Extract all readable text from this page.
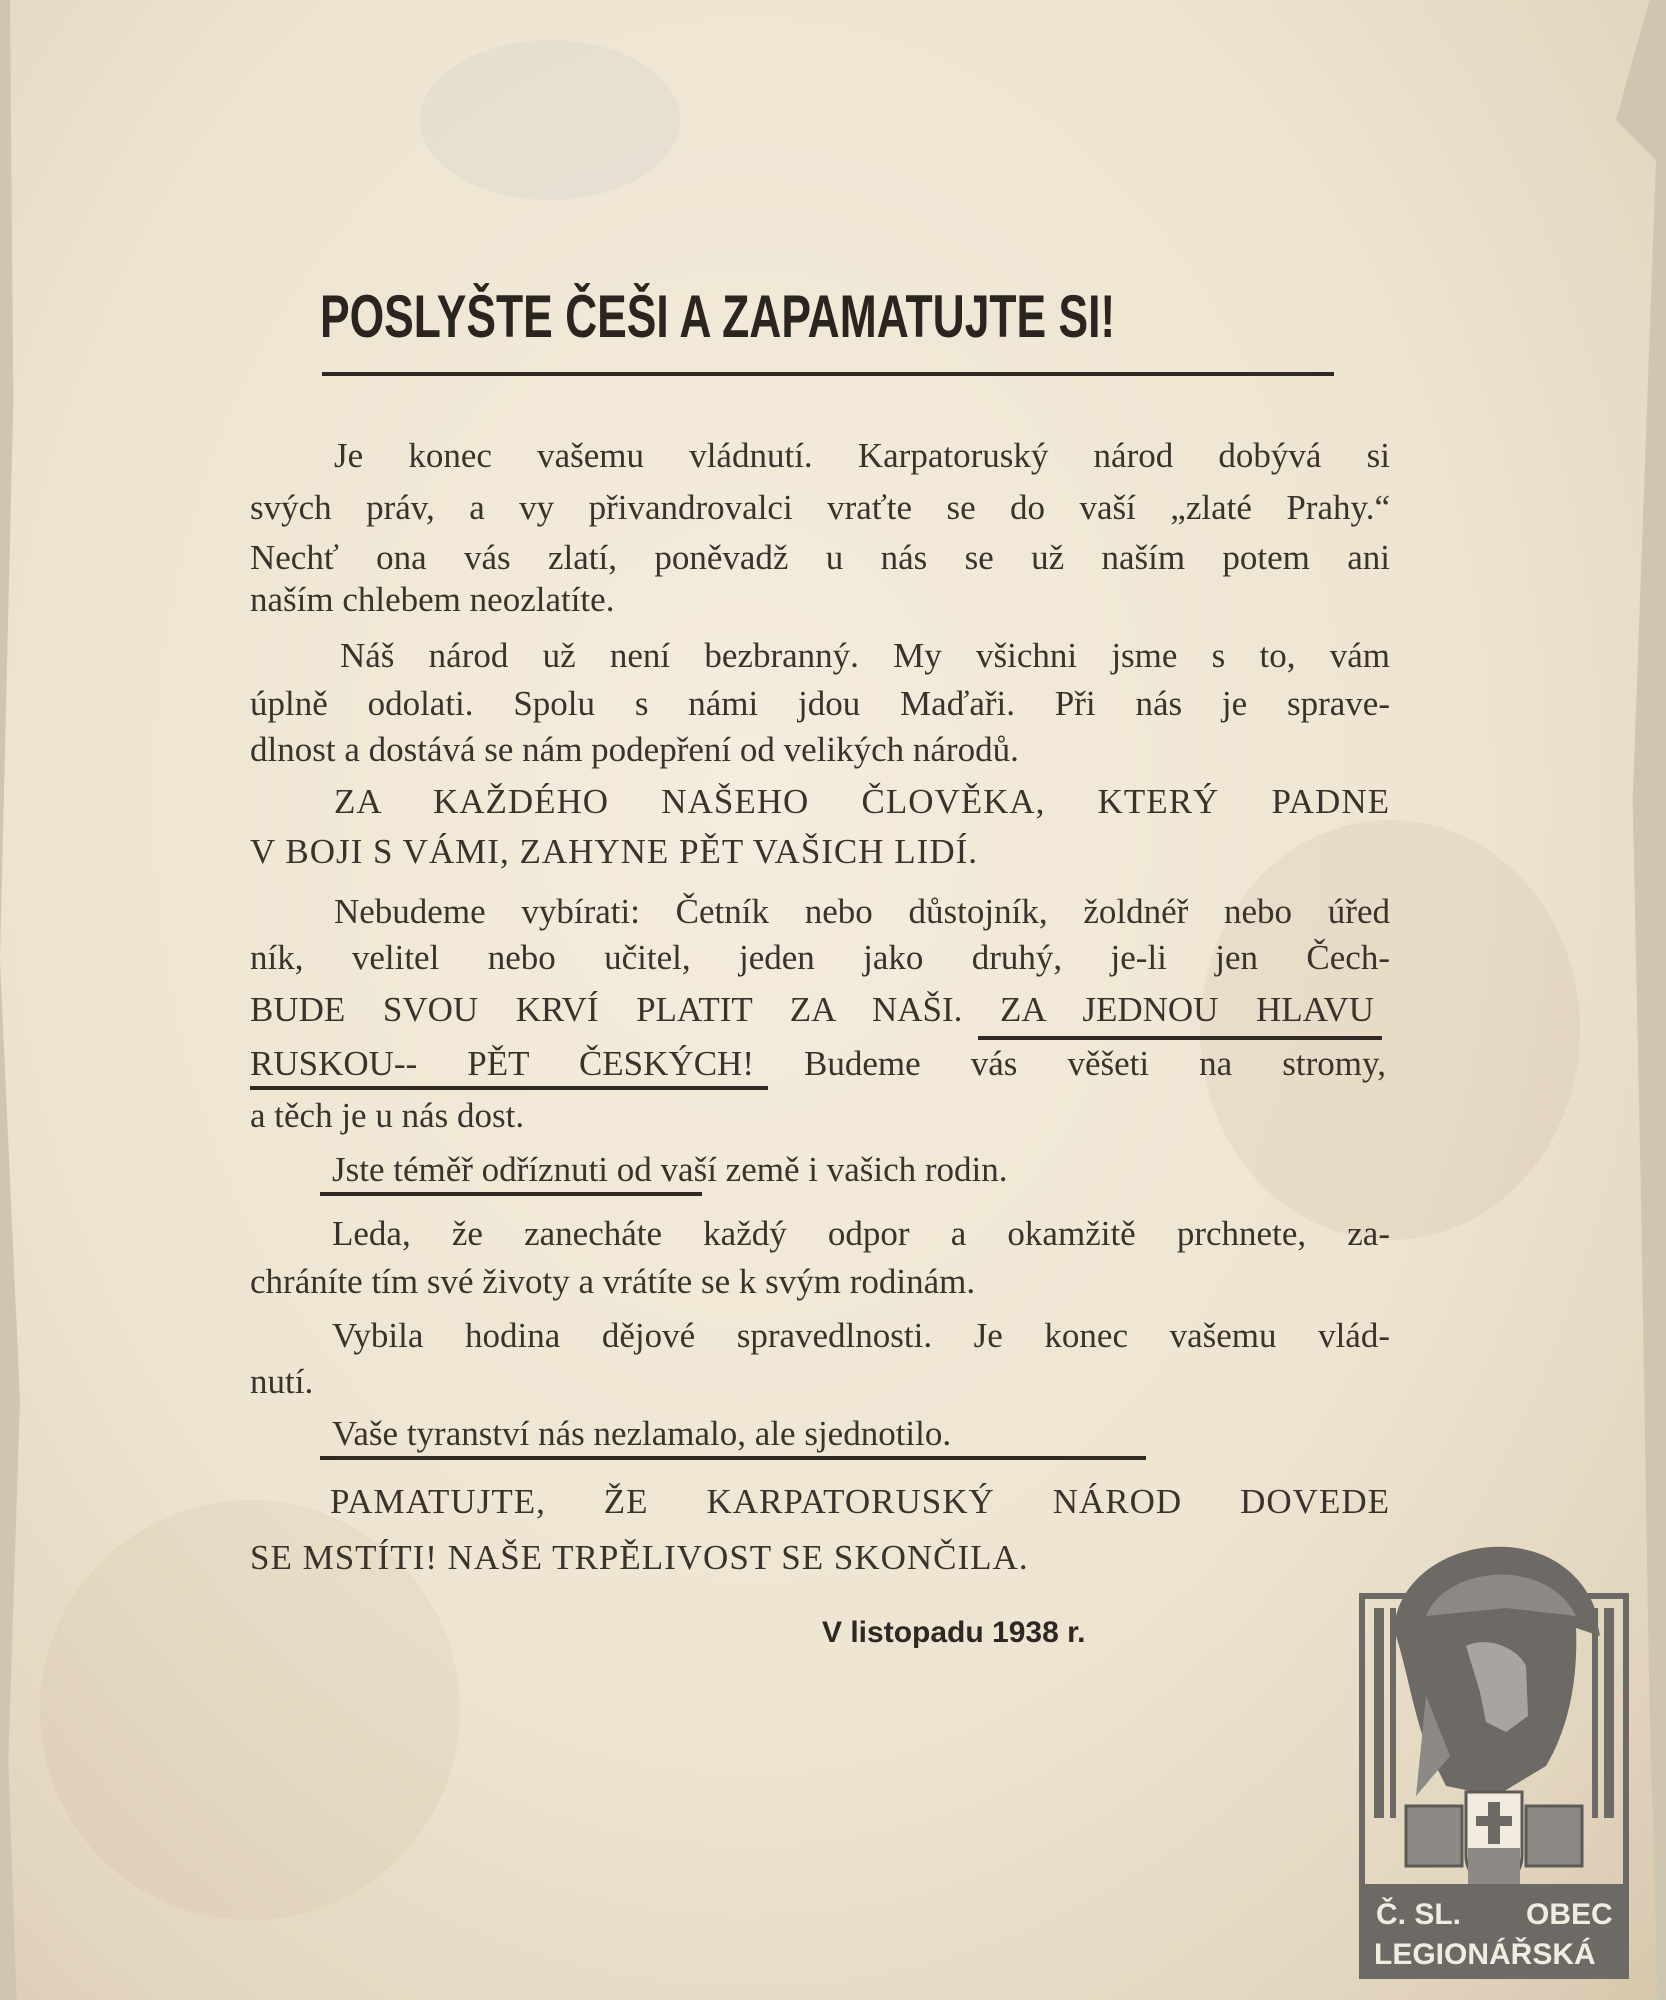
POSLYŠTE ČEŠI A ZAPAMATUJTE SI!
Je konec vašemu vládnutí. Karpatoruský národ dobývá si
svých práv, a vy přivandrovalci vraťte se do vaší „zlaté Prahy.“
Nechť ona vás zlatí, poněvadž u nás se už naším potem ani
naším chlebem neozlatíte.
Náš národ už není bezbranný. My všichni jsme s to, vám
úplně odolati. Spolu s námi jdou Maďaři. Při nás je sprave-
dlnost a dostává se nám podepření od velikých národů.
ZA KAŽDÉHO NAŠEHO ČLOVĚKA, KTERÝ PADNE
V BOJI S VÁMI, ZAHYNE PĚT VAŠICH LIDÍ.
Nebudeme vybírati: Četník nebo důstojník, žoldnéř nebo úřed
ník, velitel nebo učitel, jeden jako druhý, je-li jen Čech-
BUDE SVOU KRVÍ PLATIT ZA NAŠI. ZA JEDNOU HLAVU
RUSKOU-- PĚT ČESKÝCH! Budeme vás věšeti na stromy,
a těch je u nás dost.
Jste téměř odříznuti od vaší země i vašich rodin.
Leda, že zanecháte každý odpor a okamžitě prchnete, za-
chráníte tím své životy a vrátíte se k svým rodinám.
Vybila hodina dějové spravedlnosti. Je konec vašemu vlád-
nutí.
Vaše tyranství nás nezlamalo, ale sjednotilo.
PAMATUJTE, ŽE KARPATORUSKÝ NÁROD DOVEDE
SE MSTÍTI! NAŠE TRPĚLIVOST SE SKONČILA.
V listopadu 1938 r.
Č. SL. OBEC
LEGIONÁŘSKÁ
